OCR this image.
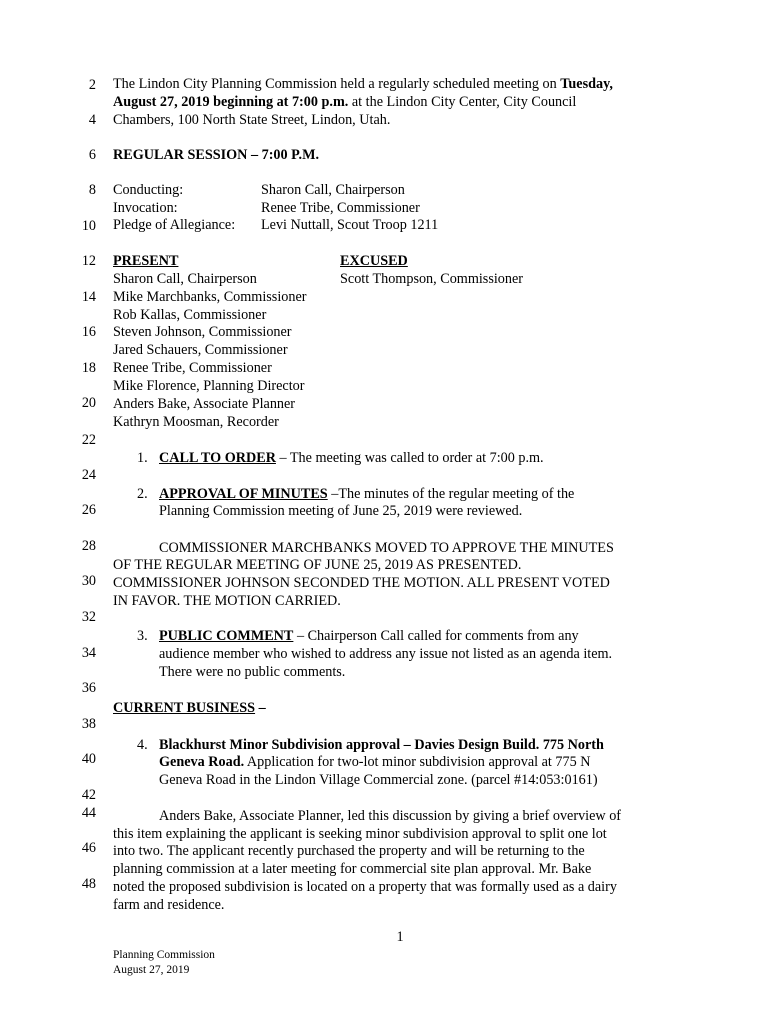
2
4
6
8
10
12
14
16
18
20
22
24
26
28
30
32
34
36
38
40
42
44
46
48
The Lindon City Planning Commission held a regularly scheduled meeting on Tuesday,
August 27, 2019 beginning at 7:00 p.m. at the Lindon City Center, City Council
Chambers, 100 North State Street, Lindon, Utah.
REGULAR SESSION – 7:00 P.M.
Conducting:	Sharon Call, Chairperson
Invocation:	Renee Tribe, Commissioner
Pledge of Allegiance: Levi Nuttall, Scout Troop 1211
PRESENT	EXCUSED
Sharon Call, Chairperson	Scott Thompson, Commissioner
Mike Marchbanks, Commissioner
Rob Kallas, Commissioner
Steven Johnson, Commissioner
Jared Schauers, Commissioner
Renee Tribe, Commissioner
Mike Florence, Planning Director
Anders Bake, Associate Planner
Kathryn Moosman, Recorder
1. CALL TO ORDER – The meeting was called to order at 7:00 p.m.
2. APPROVAL OF MINUTES –The minutes of the regular meeting of the
Planning Commission meeting of June 25, 2019 were reviewed.
COMMISSIONER MARCHBANKS MOVED TO APPROVE THE MINUTES
OF THE REGULAR MEETING OF JUNE 25, 2019 AS PRESENTED.
COMMISSIONER JOHNSON SECONDED THE MOTION. ALL PRESENT VOTED
IN FAVOR. THE MOTION CARRIED.
3. PUBLIC COMMENT – Chairperson Call called for comments from any
audience member who wished to address any issue not listed as an agenda item.
There were no public comments.
CURRENT BUSINESS –
4. Blackhurst Minor Subdivision approval – Davies Design Build. 775 North
Geneva Road. Application for two-lot minor subdivision approval at 775 N
Geneva Road in the Lindon Village Commercial zone. (parcel #14:053:0161)
Anders Bake, Associate Planner, led this discussion by giving a brief overview of
this item explaining the applicant is seeking minor subdivision approval to split one lot
into two. The applicant recently purchased the property and will be returning to the
planning commission at a later meeting for commercial site plan approval. Mr. Bake
noted the proposed subdivision is located on a property that was formally used as a dairy
farm and residence.
1
Planning Commission
August 27, 2019
